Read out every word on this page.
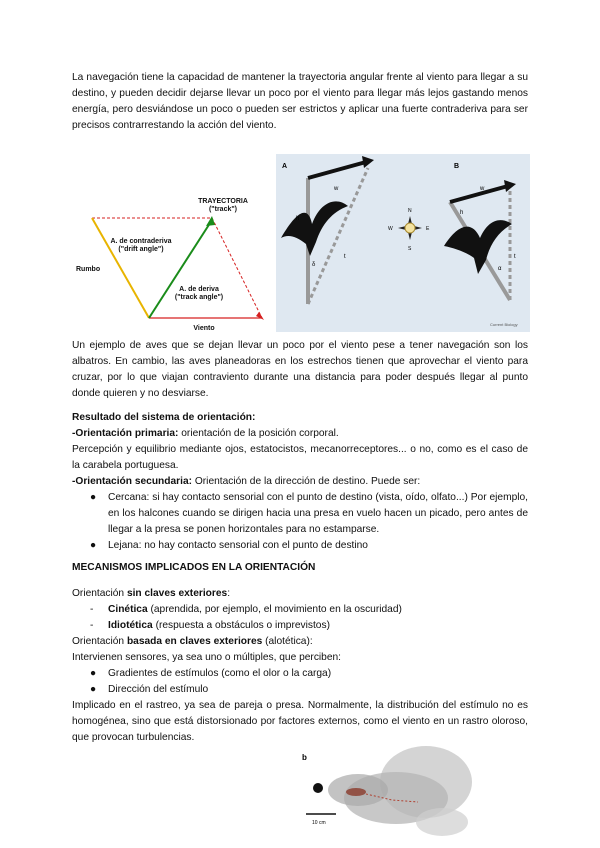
La navegación tiene la capacidad de mantener la trayectoria angular frente al viento para llegar a su destino, y pueden decidir dejarse llevar un poco por el viento para llegar más lejos gastando menos energía, pero desviándose un poco o pueden ser estrictos y aplicar una fuerte contraderiva para ser precisos contrarrestando la acción del viento.

TRAYECTORIA
("track")
A. de contraderiva
("drift angle")
Rumbo
A. de deriva
("track angle")
Viento
A	B
h
w
t
δ
N
S
E
W
h
w
t
α
Current Biology

Un ejemplo de aves que se dejan llevar un poco por el viento pese a tener navegación son los albatros. En cambio, las aves planeadoras en los estrechos tienen que aprovechar el viento para cruzar, por lo que viajan contraviento durante una distancia para poder después llegar al punto donde quieren y no desviarse.

Resultado del sistema de orientación:

-Orientación primaria: orientación de la posición corporal.

Percepción y equilibrio mediante ojos, estatocistos, mecanorreceptores... o no, como es el caso de la carabela portuguesa.

-Orientación secundaria: Orientación de la dirección de destino. Puede ser:

● Cercana: si hay contacto sensorial con el punto de destino (vista, oído, olfato...) Por ejemplo, en los halcones cuando se dirigen hacia una presa en vuelo hacen un picado, pero antes de llegar a la presa se ponen horizontales para no estamparse.
● Lejana: no hay contacto sensorial con el punto de destino

MECANISMOS IMPLICADOS EN LA ORIENTACIÓN

Orientación sin claves exteriores:

- Cinética (aprendida, por ejemplo, el movimiento en la oscuridad)
- Idiotética (respuesta a obstáculos o imprevistos)

Orientación basada en claves exteriores (alotética):

Intervienen sensores, ya sea uno o múltiples, que perciben:

● Gradientes de estímulos (como el olor o la carga)
● Dirección del estímulo

Implicado en el rastreo, ya sea de pareja o presa. Normalmente, la distribución del estímulo no es homogénea, sino que está distorsionado por factores externos, como el viento en un rastro oloroso, que provocan turbulencias.

b
10 cm
